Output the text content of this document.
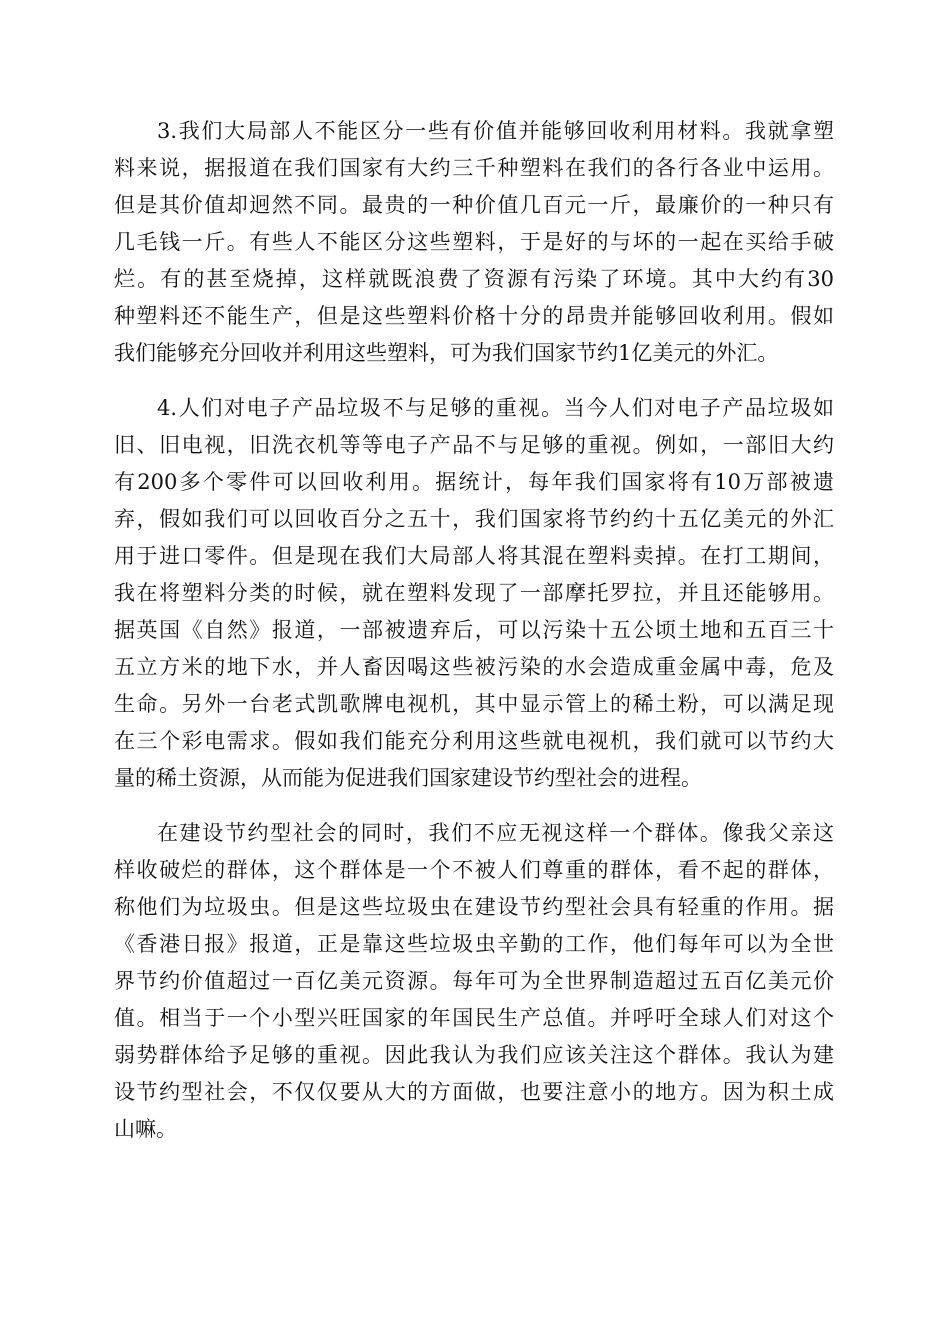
3.我们大局部人不能区分一些有价值并能够回收利用材料。我就拿塑
料来说，据报道在我们国家有大约三千种塑料在我们的各行各业中运用。
但是其价值却迥然不同。最贵的一种价值几百元一斤，最廉价的一种只有
几毛钱一斤。有些人不能区分这些塑料，于是好的与坏的一起在买给手破
烂。有的甚至烧掉，这样就既浪费了资源有污染了环境。其中大约有30
种塑料还不能生产，但是这些塑料价格十分的昂贵并能够回收利用。假如
我们能够充分回收并利用这些塑料，可为我们国家节约1亿美元的外汇。
4.人们对电子产品垃圾不与足够的重视。当今人们对电子产品垃圾如
旧、旧电视，旧洗衣机等等电子产品不与足够的重视。例如，一部旧大约
有200多个零件可以回收利用。据统计，每年我们国家将有10万部被遗
弃，假如我们可以回收百分之五十，我们国家将节约约十五亿美元的外汇
用于进口零件。但是现在我们大局部人将其混在塑料卖掉。在打工期间，
我在将塑料分类的时候，就在塑料发现了一部摩托罗拉，并且还能够用。
据英国《自然》报道，一部被遗弃后，可以污染十五公顷土地和五百三十
五立方米的地下水，并人畜因喝这些被污染的水会造成重金属中毒，危及
生命。另外一台老式凯歌牌电视机，其中显示管上的稀土粉，可以满足现
在三个彩电需求。假如我们能充分利用这些就电视机，我们就可以节约大
量的稀土资源，从而能为促进我们国家建设节约型社会的进程。
在建设节约型社会的同时，我们不应无视这样一个群体。像我父亲这
样收破烂的群体，这个群体是一个不被人们尊重的群体，看不起的群体，
称他们为垃圾虫。但是这些垃圾虫在建设节约型社会具有轻重的作用。据
《香港日报》报道，正是靠这些垃圾虫辛勤的工作，他们每年可以为全世
界节约价值超过一百亿美元资源。每年可为全世界制造超过五百亿美元价
值。相当于一个小型兴旺国家的年国民生产总值。并呼吁全球人们对这个
弱势群体给予足够的重视。因此我认为我们应该关注这个群体。我认为建
设节约型社会，不仅仅要从大的方面做，也要注意小的地方。因为积土成
山嘛。
